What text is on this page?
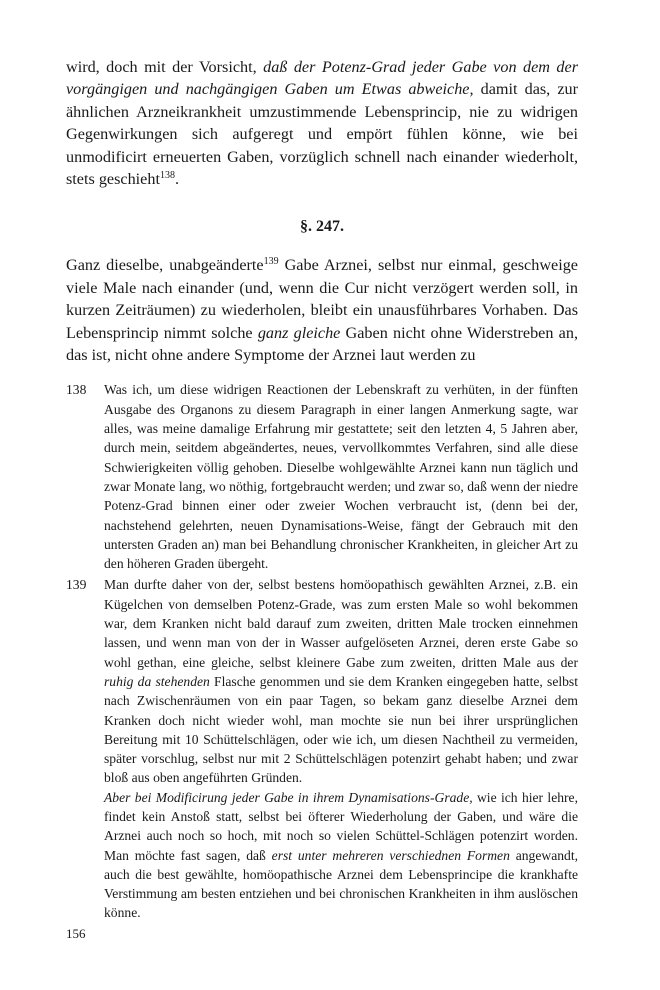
wird, doch mit der Vorsicht, daß der Potenz-Grad jeder Gabe von dem der vorgängigen und nachgängigen Gaben um Etwas abweiche, damit das, zur ähnlichen Arzneikrankheit umzustimmende Lebensprincip, nie zu widrigen Gegenwirkungen sich aufgeregt und empört fühlen könne, wie bei unmodificirt erneuerten Gaben, vorzüglich schnell nach einander wiederholt, stets geschieht$^{138}$.

§. 247.

Ganz dieselbe, unabgeänderte$^{139}$ Gabe Arznei, selbst nur einmal, geschweige viele Male nach einander (und, wenn die Cur nicht verzögert werden soll, in kurzen Zeiträumen) zu wiederholen, bleibt ein unausführbares Vorhaben. Das Lebensprincip nimmt solche ganz gleiche Gaben nicht ohne Widerstreben an, das ist, nicht ohne andere Symptome der Arznei laut werden zu

138 Was ich, um diese widrigen Reactionen der Lebenskraft zu verhüten, in der fünften Ausgabe des Organons zu diesem Paragraph in einer langen Anmerkung sagte, war alles, was meine damalige Erfahrung mir gestattete; seit den letzten 4, 5 Jahren aber, durch mein, seitdem abgeändertes, neues, vervollkommtes Verfahren, sind alle diese Schwierigkeiten völlig gehoben. Dieselbe wohlgewählte Arznei kann nun täglich und zwar Monate lang, wo nöthig, fortgebraucht werden; und zwar so, daß wenn der niedre Potenz-Grad binnen einer oder zweier Wochen verbraucht ist, (denn bei der, nachstehend gelehrten, neuen Dynamisations-Weise, fängt der Gebrauch mit den untersten Graden an) man bei Behandlung chronischer Krankheiten, in gleicher Art zu den höheren Graden übergeht.

139 Man durfte daher von der, selbst bestens homöopathisch gewählten Arznei, z.B. ein Kügelchen von demselben Potenz-Grade, was zum ersten Male so wohl bekommen war, dem Kranken nicht bald darauf zum zweiten, dritten Male trocken einnehmen lassen, und wenn man von der in Wasser aufgelöseten Arznei, deren erste Gabe so wohl gethan, eine gleiche, selbst kleinere Gabe zum zweiten, dritten Male aus der ruhig da stehenden Flasche genommen und sie dem Kranken eingegeben hatte, selbst nach Zwischenräumen von ein paar Tagen, so bekam ganz dieselbe Arznei dem Kranken doch nicht wieder wohl, man mochte sie nun bei ihrer ursprünglichen Bereitung mit 10 Schüttelschlägen, oder wie ich, um diesen Nachtheil zu vermeiden, später vorschlug, selbst nur mit 2 Schüttelschlägen potenzirt gehabt haben; und zwar bloß aus oben angeführten Gründen.

Aber bei Modificirung jeder Gabe in ihrem Dynamisations-Grade, wie ich hier lehre, findet kein Anstoß statt, selbst bei öfterer Wiederholung der Gaben, und wäre die Arznei auch noch so hoch, mit noch so vielen Schüttel-Schlägen potenzirt worden. Man möchte fast sagen, daß erst unter mehreren verschiednen Formen angewandt, auch die best gewählte, homöopathische Arznei dem Lebensprincipe die krankhafte Verstimmung am besten entziehen und bei chronischen Krankheiten in ihm auslöschen könne.

156
